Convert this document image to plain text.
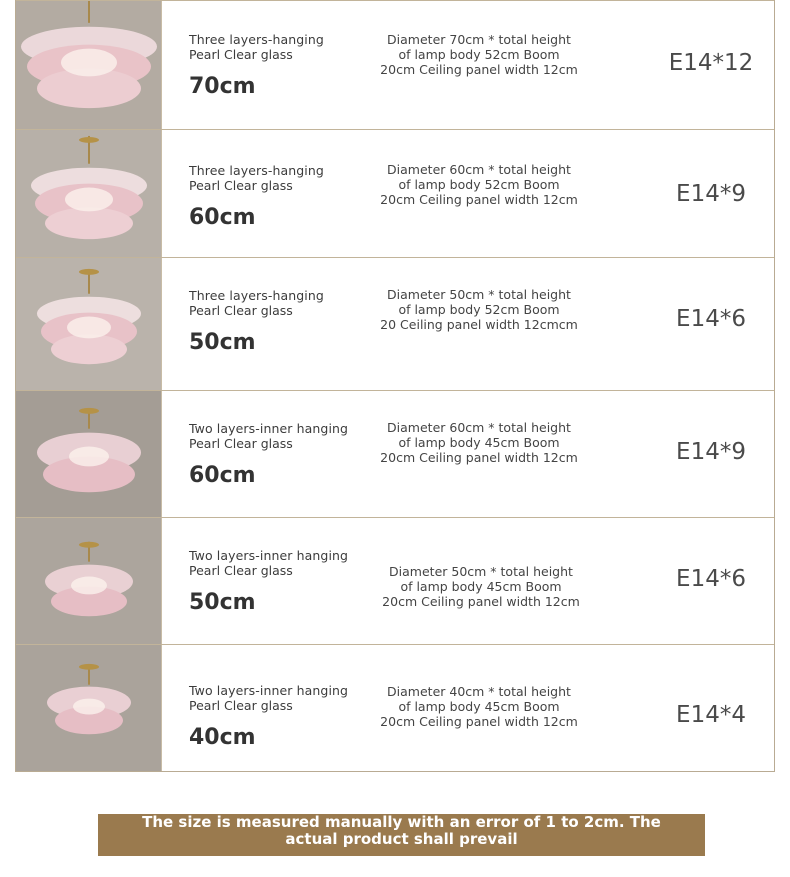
Three layers-hanging
Pearl Clear glass
70cm
Diameter 70cm * total height
of lamp body 52cm Boom
20cm Ceiling panel width 12cm	E14*12
Three layers-hanging
Pearl Clear glass
60cm
Diameter 60cm * total height
of lamp body 52cm Boom
20cm Ceiling panel width 12cm	E14*9
Three layers-hanging
Pearl Clear glass
50cm
Diameter 50cm * total height
of lamp body 52cm Boom
20 Ceiling panel width 12cmcm	E14*6
Two layers-inner hanging
Pearl Clear glass
60cm
Diameter 60cm * total height
of lamp body 45cm Boom
20cm Ceiling panel width 12cm	E14*9
Two layers-inner hanging
Pearl Clear glass
50cm
Diameter 50cm * total height
of lamp body 45cm Boom
20cm Ceiling panel width 12cm
E14*6
Two layers-inner hanging
Pearl Clear glass
40cm
Diameter 40cm * total height
of lamp body 45cm Boom
20cm Ceiling panel width 12cm	E14*4
The size is measured manually with an error of 1 to 2cm. The
actual product shall prevail
